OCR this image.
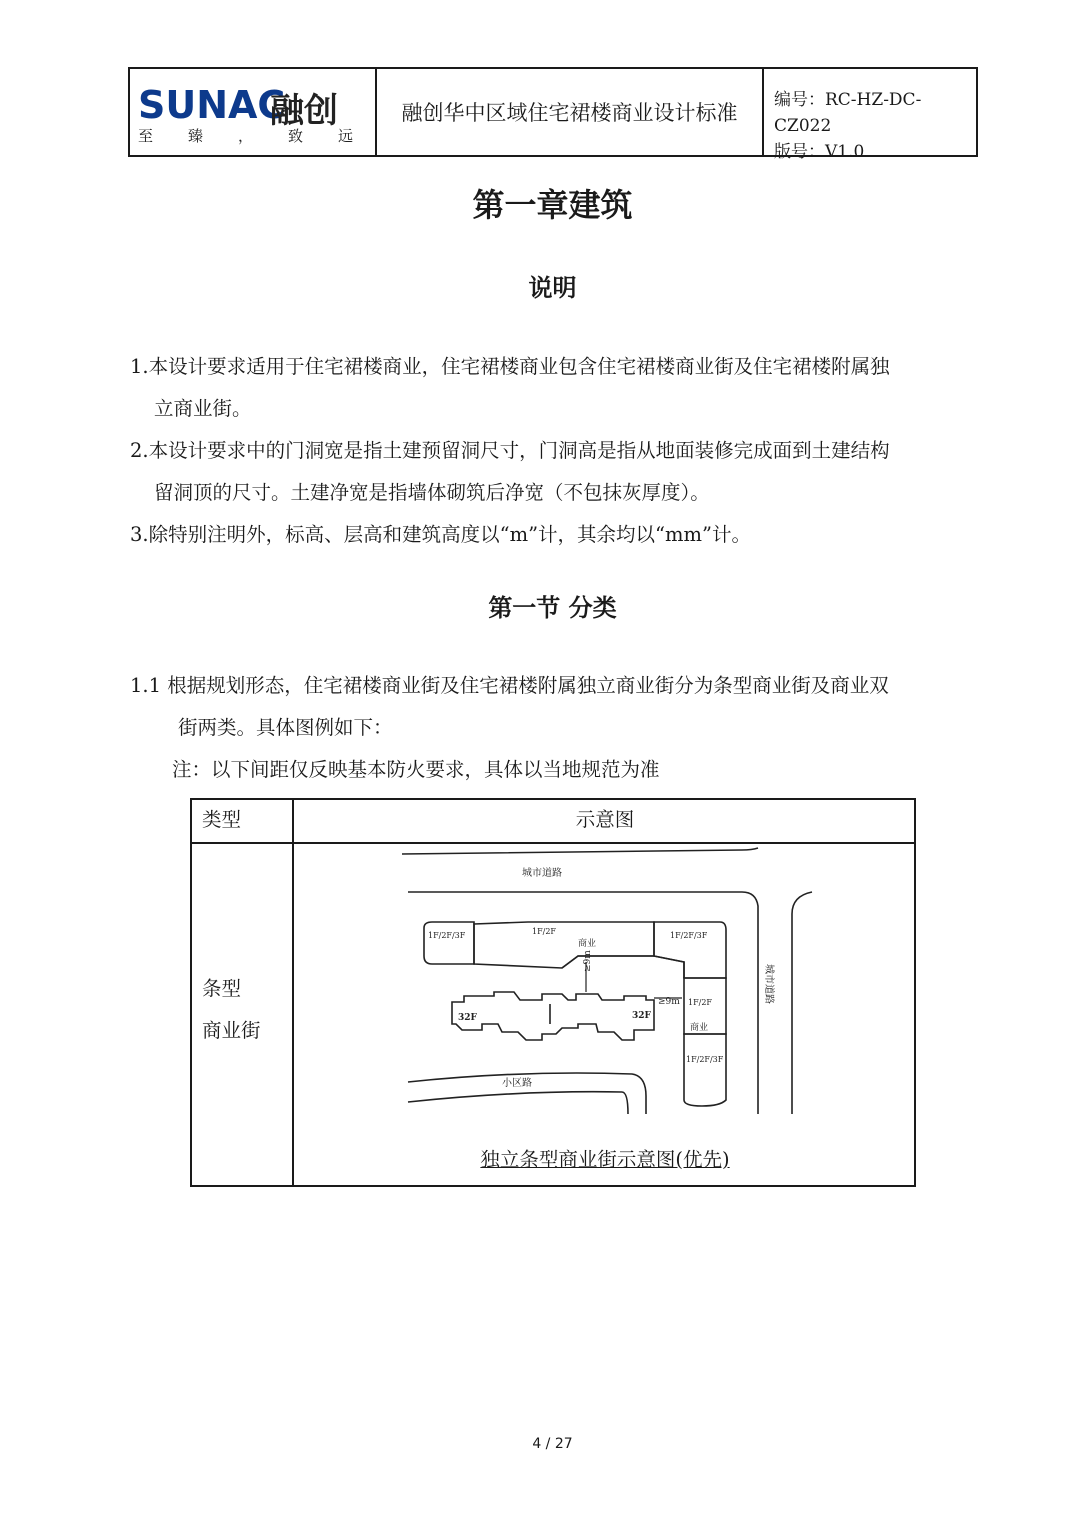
SUNAC
融创
至 臻 ， 致 远
融创华中区域住宅裙楼商业设计标准
编号：RC-HZ-DC-CZ022
版号：V1.0
第一章建筑
说明
1.本设计要求适用于住宅裙楼商业，住宅裙楼商业包含住宅裙楼商业街及住宅裙楼附属独
立商业街。
2.本设计要求中的门洞宽是指土建预留洞尺寸，门洞高是指从地面装修完成面到土建结构
留洞顶的尺寸。土建净宽是指墙体砌筑后净宽（不包抹灰厚度）。
3.除特别注明外，标高、层高和建筑高度以“m”计，其余均以“mm”计。
第一节 分类
1.1 根据规划形态，住宅裙楼商业街及住宅裙楼附属独立商业街分为条型商业街及商业双
街两类。具体图例如下：
注：以下间距仅反映基本防火要求，具体以当地规范为准
类型	示意图
条型
商业街
城市道路
城市道路
小区路
1F/2F/3F	1F/2F
商业
1F/2F/3F
1F/2F
商业
1F/2F/3F
32F	32F
≥9m
≥9m
独立条型商业街示意图(优先)
4 / 27
